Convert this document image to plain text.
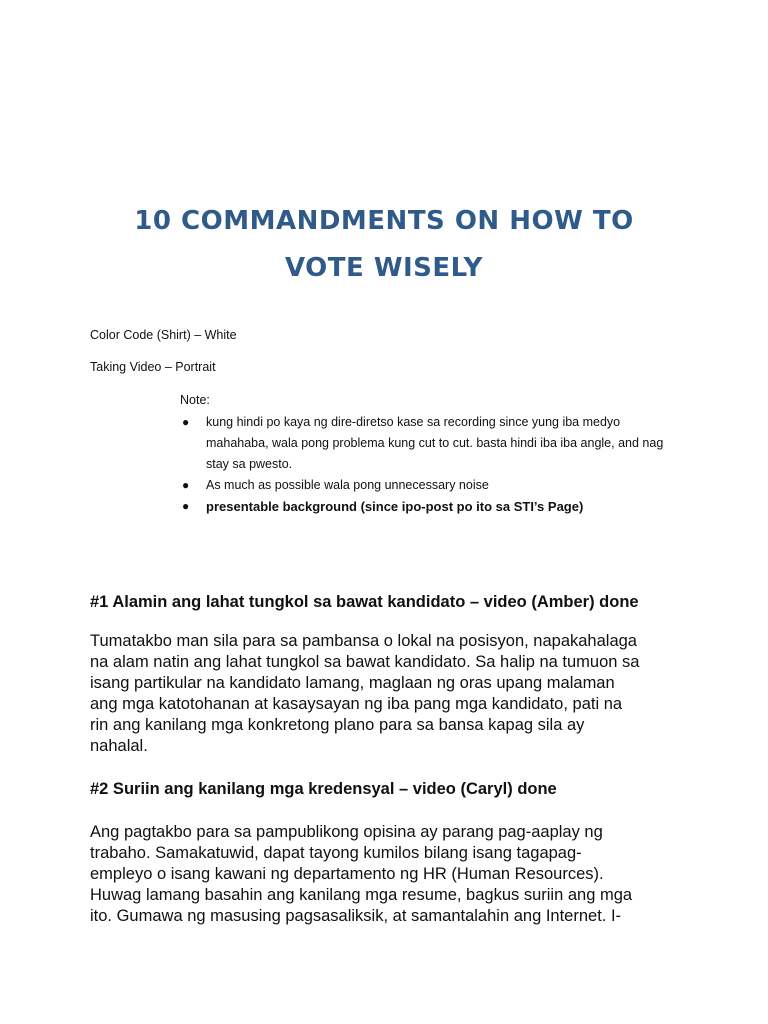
10 COMMANDMENTS ON HOW TO
VOTE WISELY
Color Code (Shirt) – White
Taking Video – Portrait
Note:
● kung hindi po kaya ng dire-diretso kase sa recording since yung iba medyo
mahahaba, wala pong problema kung cut to cut. basta hindi iba iba angle, and nag
stay sa pwesto.
● As much as possible wala pong unnecessary noise
● presentable background (since ipo-post po ito sa STI’s Page)
#1 Alamin ang lahat tungkol sa bawat kandidato – video (Amber) done
Tumatakbo man sila para sa pambansa o lokal na posisyon, napakahalaga
na alam natin ang lahat tungkol sa bawat kandidato. Sa halip na tumuon sa
isang partikular na kandidato lamang, maglaan ng oras upang malaman
ang mga katotohanan at kasaysayan ng iba pang mga kandidato, pati na
rin ang kanilang mga konkretong plano para sa bansa kapag sila ay
nahalal.
#2 Suriin ang kanilang mga kredensyal – video (Caryl) done
Ang pagtakbo para sa pampublikong opisina ay parang pag-aaplay ng
trabaho. Samakatuwid, dapat tayong kumilos bilang isang tagapag-
empleyo o isang kawani ng departamento ng HR (Human Resources).
Huwag lamang basahin ang kanilang mga resume, bagkus suriin ang mga
ito. Gumawa ng masusing pagsasaliksik, at samantalahin ang Internet. I-
